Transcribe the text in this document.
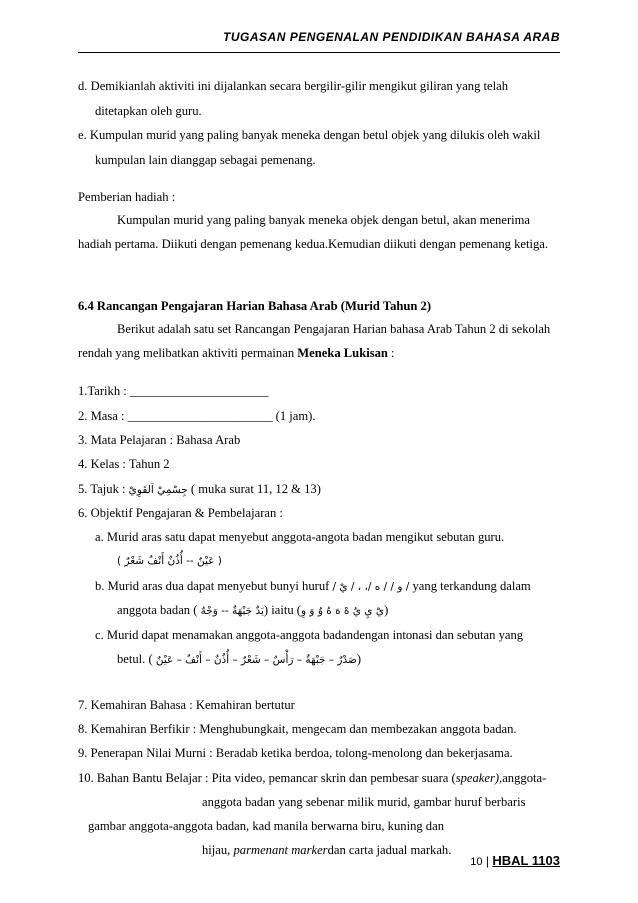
TUGASAN PENGENALAN PENDIDIKAN BAHASA ARAB
d. Demikianlah aktiviti ini dijalankan secara bergilir-gilir mengikut giliran yang telah
ditetapkan oleh guru.
e. Kumpulan murid yang paling banyak meneka dengan betul objek yang dilukis oleh wakil
kumpulan lain dianggap sebagai pemenang.
Pemberian hadiah :
Kumpulan murid yang paling banyak meneka objek dengan betul, akan menerima
hadiah pertama. Diikuti dengan pemenang kedua.Kemudian diikuti dengan pemenang ketiga.
6.4 Rancangan Pengajaran Harian Bahasa Arab (Murid Tahun 2)
Berikut adalah satu set Rancangan Pengajaran Harian bahasa Arab Tahun 2 di sekolah
rendah yang melibatkan aktiviti permainan Meneka Lukisan :
1.Tarikh : ______________________
2. Masa : _______________________ (1 jam).
3. Mata Pelajaran : Bahasa Arab
4. Kelas : Tahun 2
5. Tajuk : جِسْمِيْ اَلقَوِيْ ( muka surat 11, 12 & 13)
6. Objektif Pengajaran & Pembelajaran :
a. Murid aras satu dapat menyebut anggota-angota badan mengikut sebutan guru.
( عَيْنٌ -- أُذُنٌ أَنْفٌ شَعْرٌ )
b. Murid aras dua dapat menyebut bunyi huruf / و / / ه /، ، / يْ / yang terkandung dalam
anggota badan ( يَدٌ جَبْهَةٌ -- وَجْهٌ) iaitu (يْ يِ يُ هْ هَ هُ وُ وَ وِ)
c. Murid dapat menamakan anggota-anggota badandengan intonasi dan sebutan yang
betul. ( صَدْرٌ – جَبْهَةٌ – رَأْسٌ – شَعْرٌ – أُذُنٌ – أَنْفٌ – عَيْنٌ)
7. Kemahiran Bahasa : Kemahiran bertutur
8. Kemahiran Berfikir : Menghubungkait, mengecam dan membezakan anggota badan.
9. Penerapan Nilai Murni : Beradab ketika berdoa, tolong-menolong dan bekerjasama.
10. Bahan Bantu Belajar : Pita video, pemancar skrin dan pembesar suara (speaker),anggota-
anggota badan yang sebenar milik murid, gambar huruf berbaris
gambar anggota-anggota badan, kad manila berwarna biru, kuning dan
hijau, parmenant markerdan carta jadual markah.
10 | HBAL 1103
